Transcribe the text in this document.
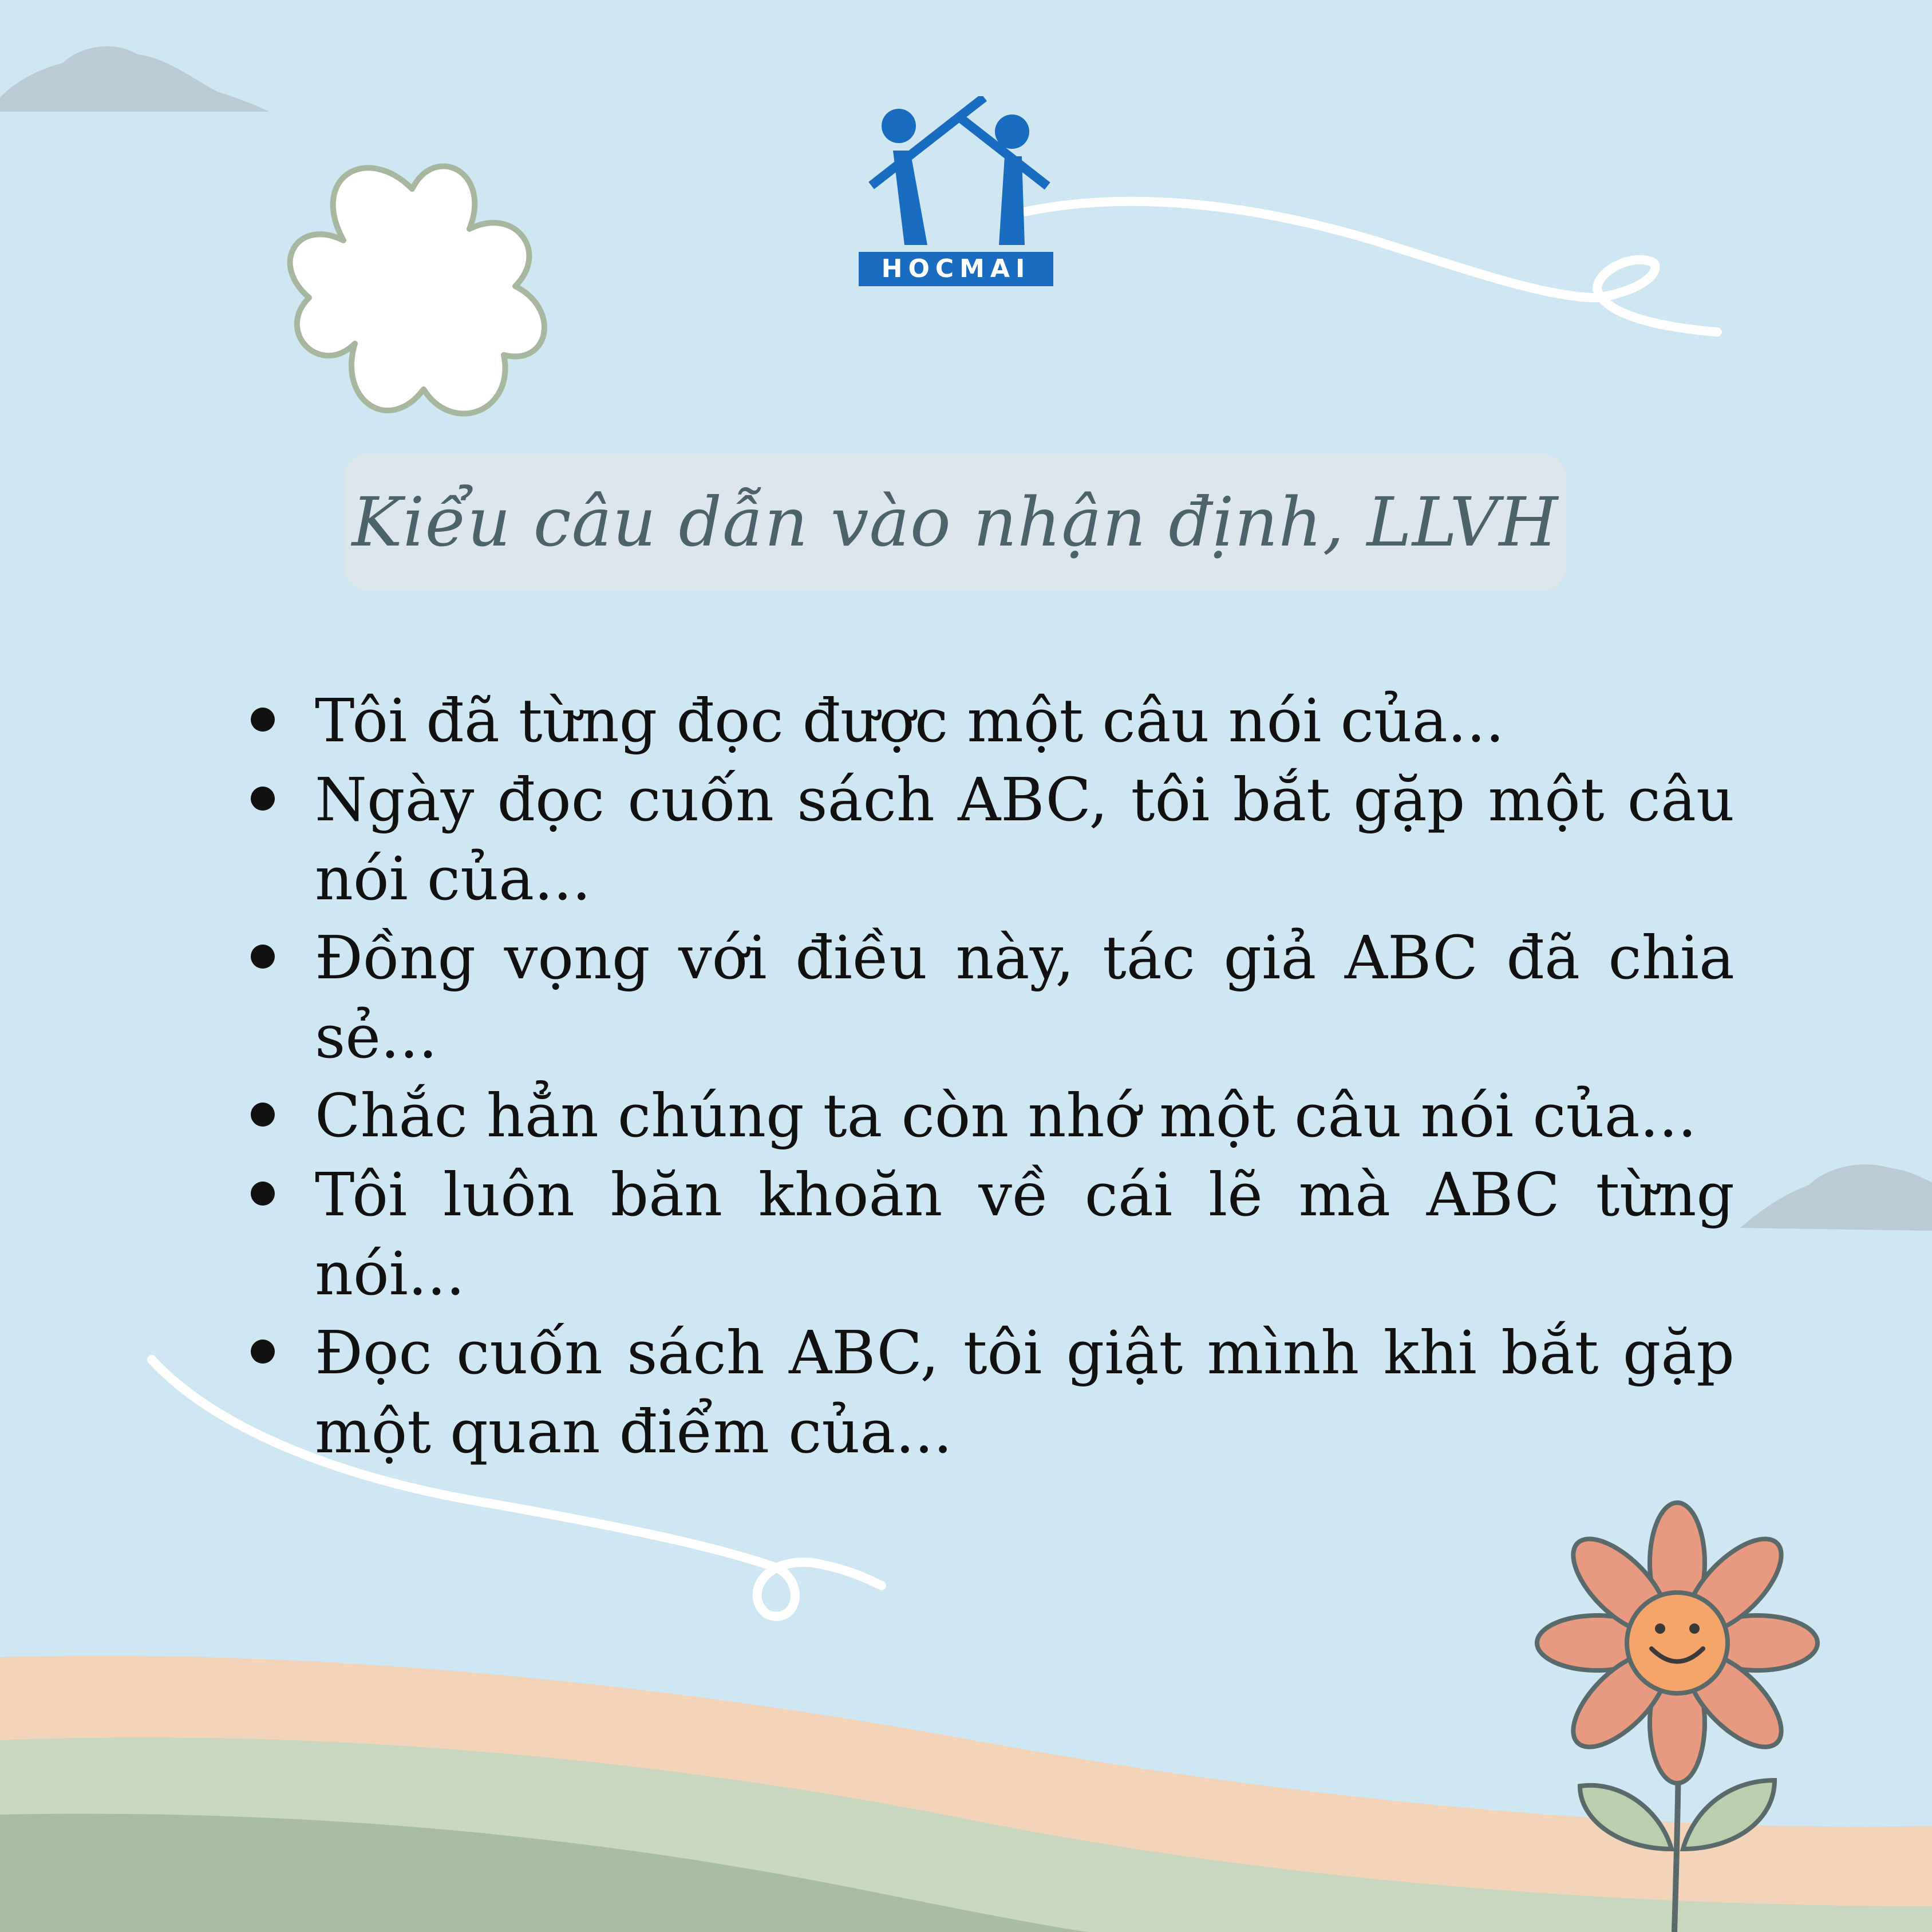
HOCMAI
Kiểu câu dẫn vào nhận định, LLVH
Tôi đã từng đọc được một câu nói của...
Ngày đọc cuốn sách ABC, tôi bắt gặp một câu nói của...
Đồng vọng với điều này, tác giả ABC đã chia sẻ...
Chắc hẳn chúng ta còn nhớ một câu nói của...
Tôi luôn băn khoăn về cái lẽ mà ABC từng nói...
Đọc cuốn sách ABC, tôi giật mình khi bắt gặp một quan điểm của...
